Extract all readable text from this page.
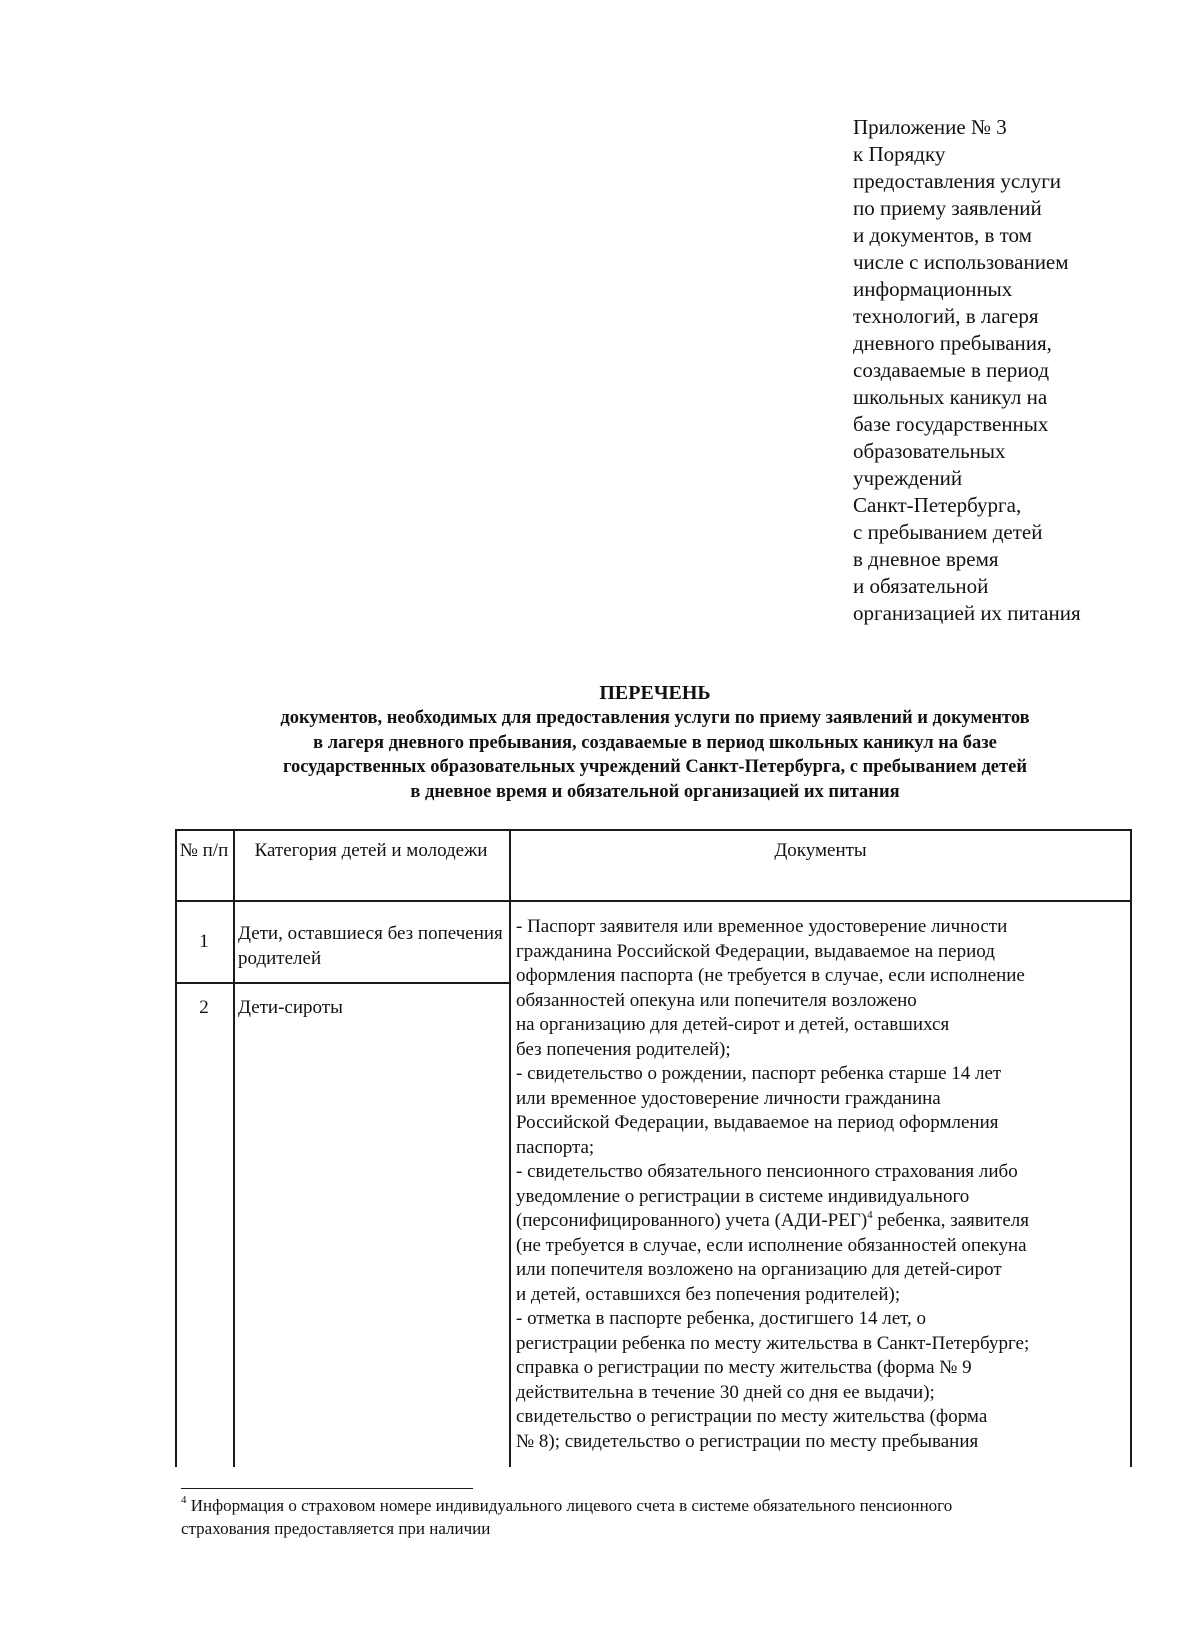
Приложение № 3
к Порядку
предоставления услуги
по приему заявлений
и документов, в том
числе с использованием
информационных
технологий, в лагеря
дневного пребывания,
создаваемые в период
школьных каникул на
базе государственных
образовательных
учреждений
Санкт-Петербурга,
с пребыванием детей
в дневное время
и обязательной
организацией их питания
ПЕРЕЧЕНЬ
документов, необходимых для предоставления услуги по приему заявлений и документов
в лагеря дневного пребывания, создаваемые в период школьных каникул на базе
государственных образовательных учреждений Санкт-Петербурга, с пребыванием детей
в дневное время и обязательной организацией их питания
№ п/п	Категория детей и молодежи	Документы
1	Дети, оставшиеся без попечения родителей
2	Дети-сироты
- Паспорт заявителя или временное удостоверение личности
гражданина Российской Федерации, выдаваемое на период
оформления паспорта (не требуется в случае, если исполнение
обязанностей опекуна или попечителя возложено
на организацию для детей-сирот и детей, оставшихся
без попечения родителей);
- свидетельство о рождении, паспорт ребенка старше 14 лет
или временное удостоверение личности гражданина
Российской Федерации, выдаваемое на период оформления
паспорта;
- свидетельство обязательного пенсионного страхования либо
уведомление о регистрации в системе индивидуального
(персонифицированного) учета $(АДИ-РЕГ)^4$ ребенка, заявителя
(не требуется в случае, если исполнение обязанностей опекуна
или попечителя возложено на организацию для детей-сирот
и детей, оставшихся без попечения родителей);
- отметка в паспорте ребенка, достигшего 14 лет, о
регистрации ребенка по месту жительства в Санкт-Петербурге;
справка о регистрации по месту жительства (форма № 9
действительна в течение 30 дней со дня ее выдачи);
свидетельство о регистрации по месту жительства (форма
№ 8); свидетельство о регистрации по месту пребывания
$^4$ Информация о страховом номере индивидуального лицевого счета в системе обязательного пенсионного
страхования предоставляется при наличии
